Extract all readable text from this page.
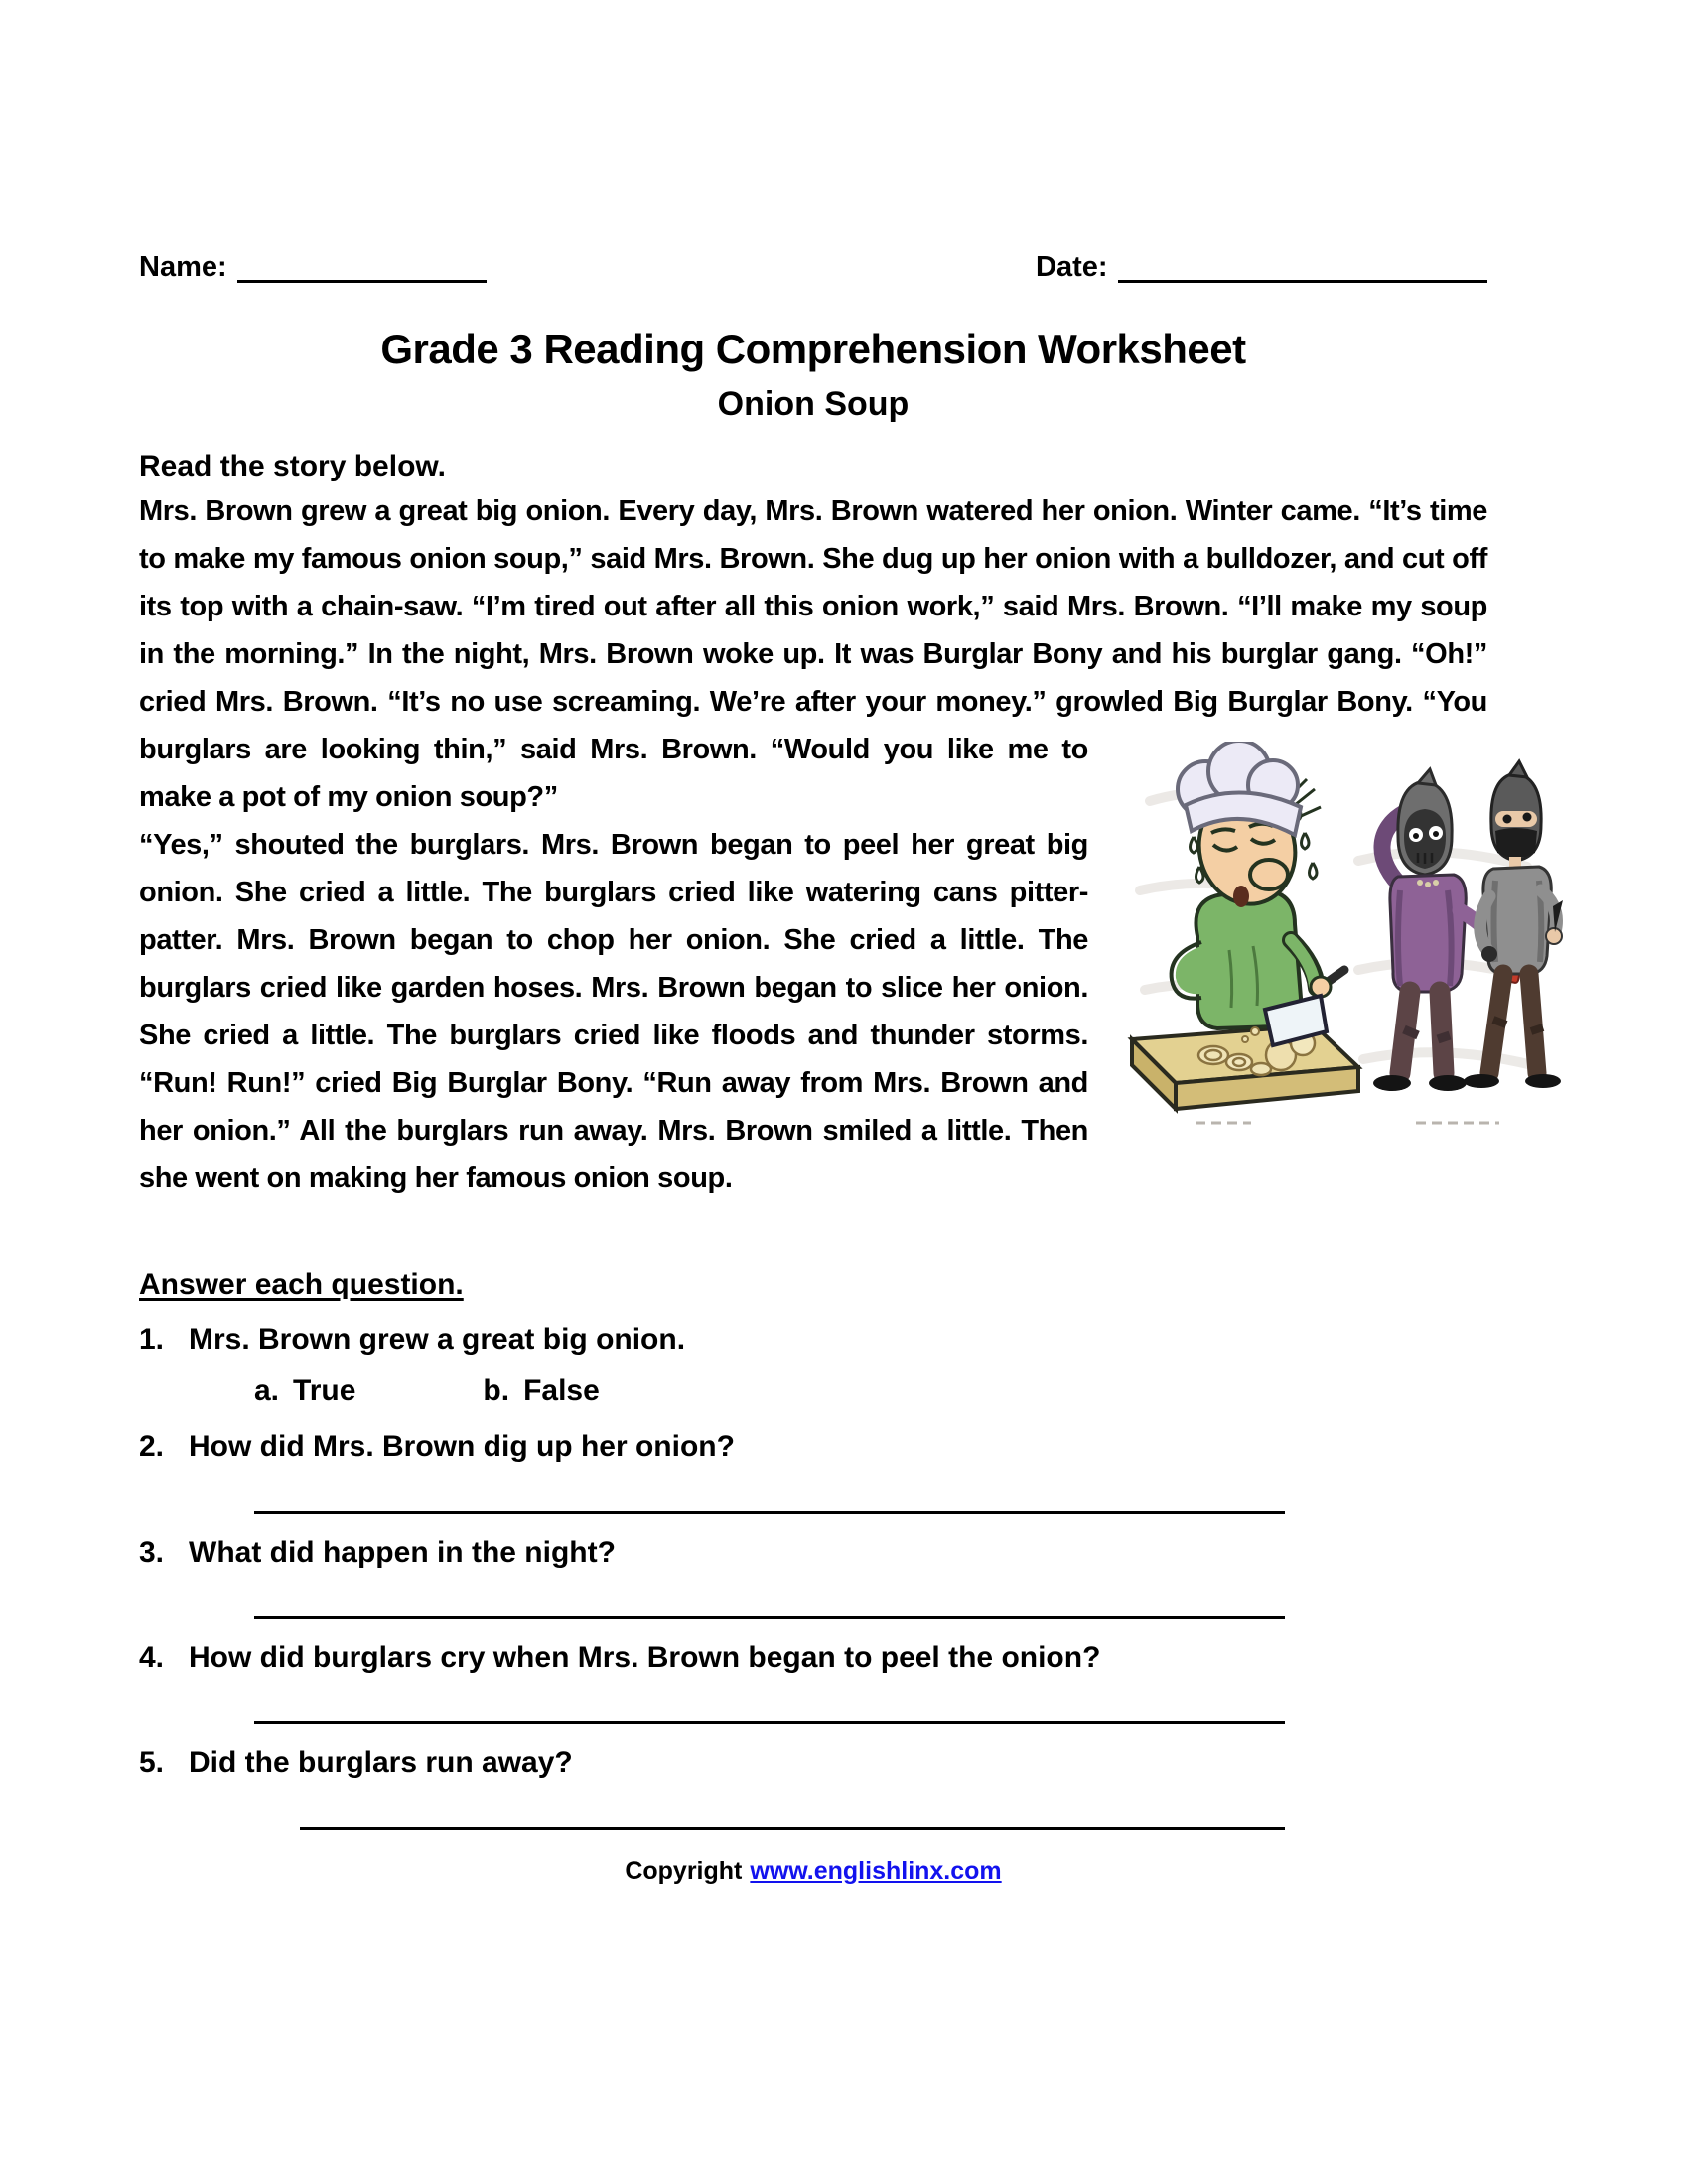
Name:	Date:
Grade 3 Reading Comprehension Worksheet
Onion Soup
Read the story below.

Mrs. Brown grew a great big onion. Every day, Mrs. Brown watered her onion. Winter came. “It’s time to make my famous onion soup,” said Mrs. Brown. She dug up her onion with a bulldozer, and cut off its top with a chain-saw. “I’m tired out after all this onion work,” said Mrs. Brown. “I’ll make my soup in the morning.” In the night, Mrs. Brown woke up. It was Burglar Bony and his burglar gang. “Oh!” cried Mrs. Brown. “It’s no use screaming. We’re after your money.” growled Big Burglar Bony. “You burglars are looking thin,” said Mrs. Brown. “Would you like me to make a pot of my onion soup?”
“Yes,” shouted the burglars. Mrs. Brown began to peel her great big onion. She cried a little. The burglars cried like watering cans pitter-patter. Mrs. Brown began to chop her onion. She cried a little. The burglars cried like garden hoses. Mrs. Brown began to slice her onion. She cried a little. The burglars cried like floods and thunder storms. “Run! Run!” cried Big Burglar Bony. “Run away from Mrs. Brown and her onion.” All the burglars run away. Mrs. Brown smiled a little. Then she went on making her famous onion soup.

Answer each question.
1. Mrs. Brown grew a great big onion.
a. True	b. False
2. How did Mrs. Brown dig up her onion?
3. What did happen in the night?
4. How did burglars cry when Mrs. Brown began to peel the onion?
5. Did the burglars run away?
Copyright www.englishlinx.com
